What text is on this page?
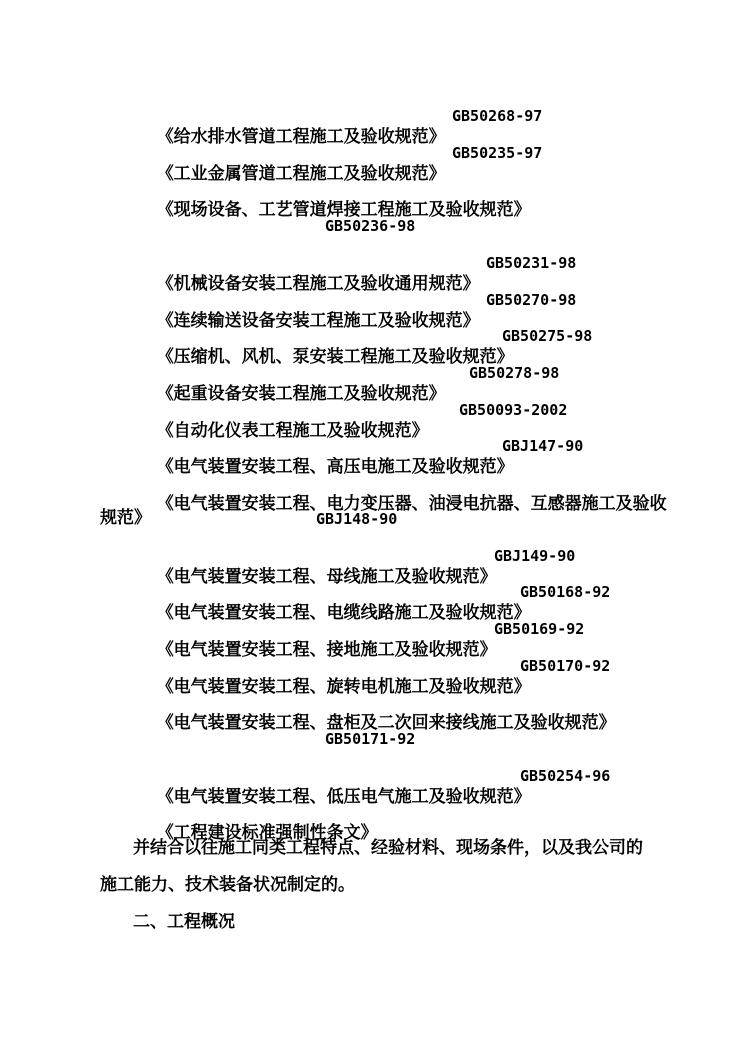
《给水排水管道工程施工及验收规范》

GB50268-97

《工业金属管道工程施工及验收规范》

GB50235-97

《现场设备、工艺管道焊接工程施工及验收规范》

GB50236-98

《机械设备安装工程施工及验收通用规范》

GB50231-98

《连续输送设备安装工程施工及验收规范》

GB50270-98

《压缩机、风机、泵安装工程施工及验收规范》

GB50275-98

《起重设备安装工程施工及验收规范》

GB50278-98

《自动化仪表工程施工及验收规范》

GB50093-2002

《电气装置安装工程、高压电施工及验收规范》

GBJ147-90

《电气装置安装工程、电力变压器、油浸电抗器、互感器施工及验收

规范》	GBJ148-90

《电气装置安装工程、母线施工及验收规范》

GBJ149-90

《电气装置安装工程、电缆线路施工及验收规范》

GB50168-92

《电气装置安装工程、接地施工及验收规范》

GB50169-92

《电气装置安装工程、旋转电机施工及验收规范》

GB50170-92

《电气装置安装工程、盘柜及二次回来接线施工及验收规范》

GB50171-92

《电气装置安装工程、低压电气施工及验收规范》

GB50254-96

《工程建设标准强制性条文》

并结合以往施工同类工程特点、经验材料、现场条件，以及我公司的
施工能力、技术装备状况制定的。
二、工程概况
